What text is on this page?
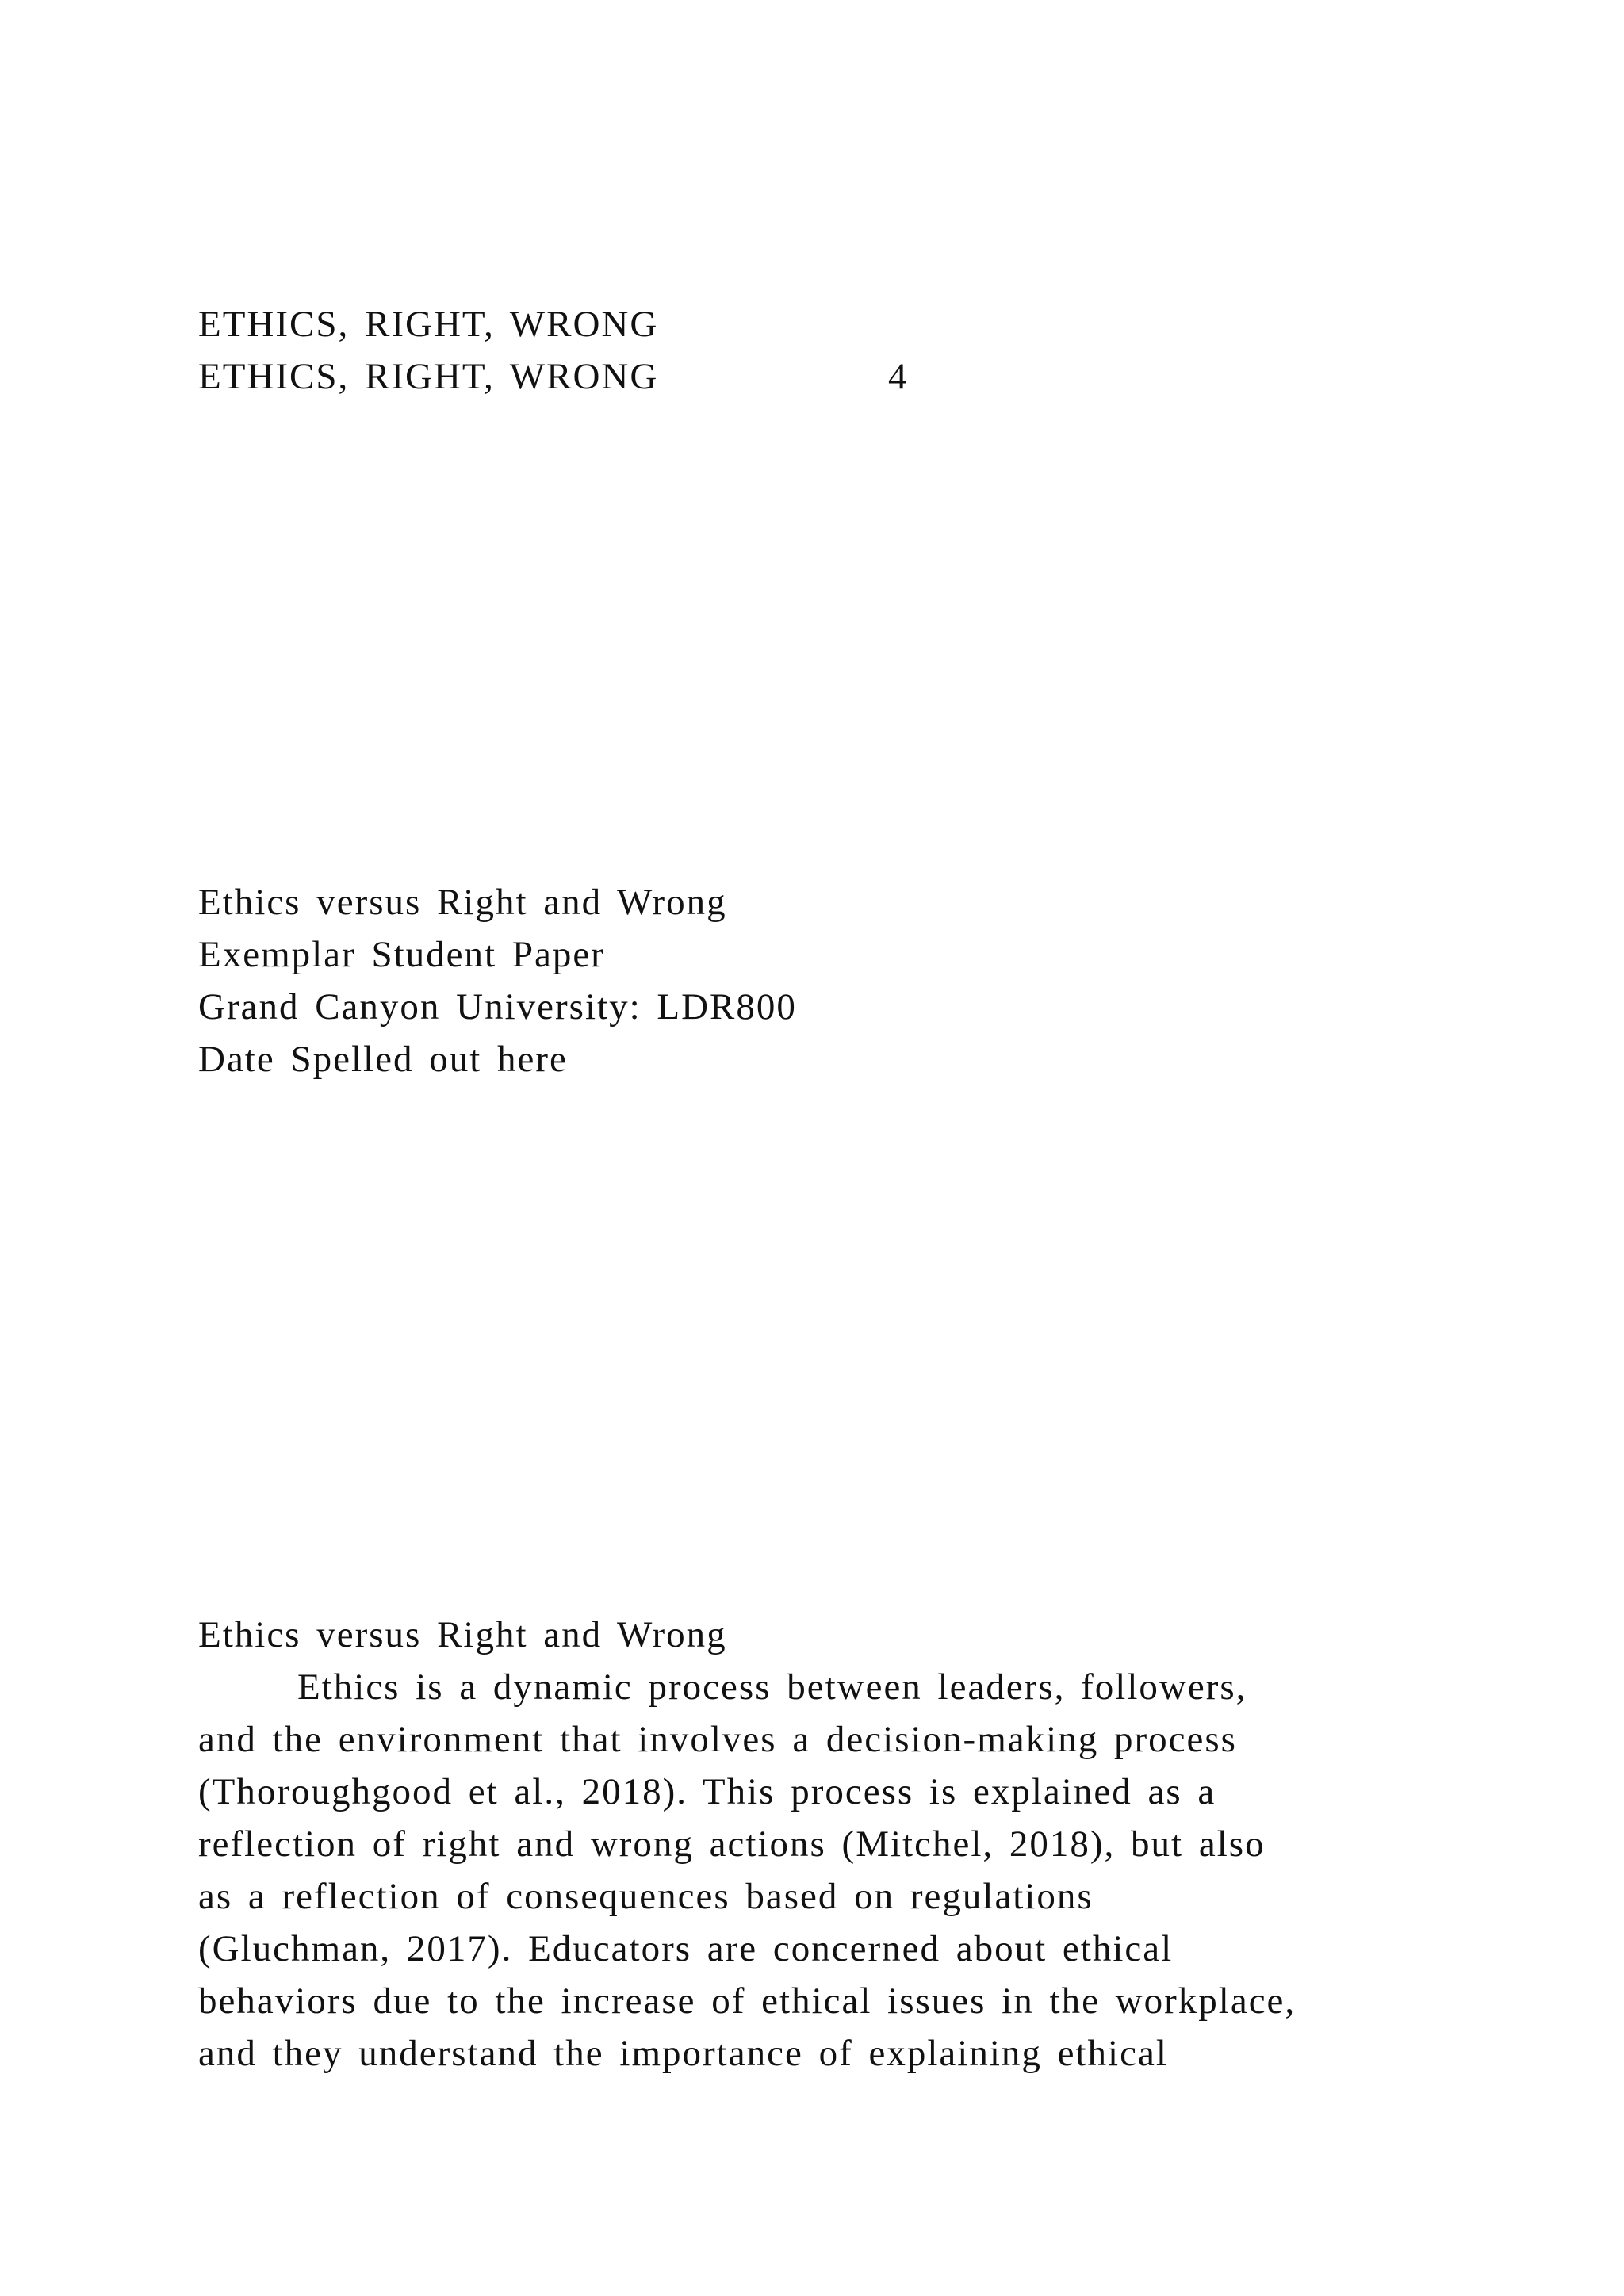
ETHICS, RIGHT, WRONG
ETHICS, RIGHT, WRONG	4
Ethics versus Right and Wrong
Exemplar Student Paper
Grand Canyon University: LDR800
Date Spelled out here
Ethics versus Right and Wrong
Ethics is a dynamic process between leaders, followers,
and the environment that involves a decision-making process
(Thoroughgood et al., 2018). This process is explained as a
reflection of right and wrong actions (Mitchel, 2018), but also
as a reflection of consequences based on regulations
(Gluchman, 2017). Educators are concerned about ethical
behaviors due to the increase of ethical issues in the workplace,
and they understand the importance of explaining ethical
